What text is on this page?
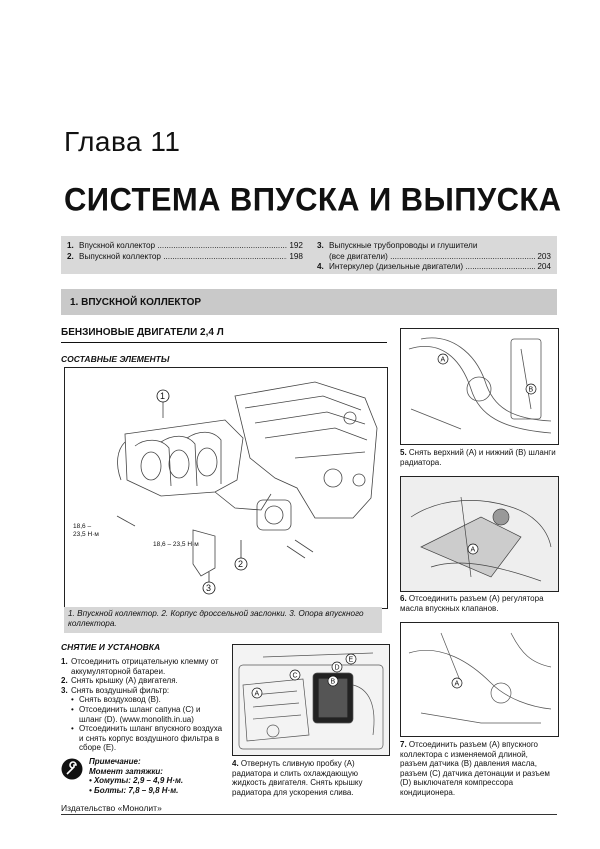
Глава 11
СИСТЕМА ВПУСКА И ВЫПУСКА
1. Впускной коллектор .....	192
2. Выпускной коллектор .....	198
3. Выпускные трубопроводы и глушители
(все двигатели) .....	203
4. Интеркулер (дизельные двигатели) .....	204
1. ВПУСКНОЙ КОЛЛЕКТОР
БЕНЗИНОВЫЕ ДВИГАТЕЛИ 2,4 Л
СОСТАВНЫЕ ЭЛЕМЕНТЫ
1
2
3
18,6 –
23,5 Н·м
18,6 – 23,5 Н·м
1. Впускной коллектор. 2. Корпус дроссельной заслонки. 3. Опора впускного коллектора.
СНЯТИЕ И УСТАНОВКА
1. Отсоединить отрицательную клемму от аккумуляторной батареи.
2. Снять крышку (A) двигателя.
3. Снять воздушный фильтр:
• Снять воздуховод (B).
• Отсоединить шланг сапуна (C) и шланг (D). (www.monolith.in.ua)
• Отсоединить шланг впускного воздуха и снять корпус воздушного фильтра в сборе (E).
Примечание:
Момент затяжки:
• Хомуты: 2,9 – 4,9 Н·м.
• Болты: 7,8 – 9,8 Н·м.
A
B
C
D
E
4. Отвернуть сливную пробку (A) радиатора и слить охлаждающую жидкость двигателя. Снять крышку радиатора для ускорения слива.
A
B
5. Снять верхний (A) и нижний (B) шланги радиатора.
A
6. Отсоединить разъем (A) регулятора масла впускных клапанов.
A
7. Отсоединить разъем (A) впускного коллектора с изменяемой длиной, разъем датчика (B) давления масла, разъем (C) датчика детонации и разъем (D) выключателя компрессора кондиционера.
Издательство «Монолит»
